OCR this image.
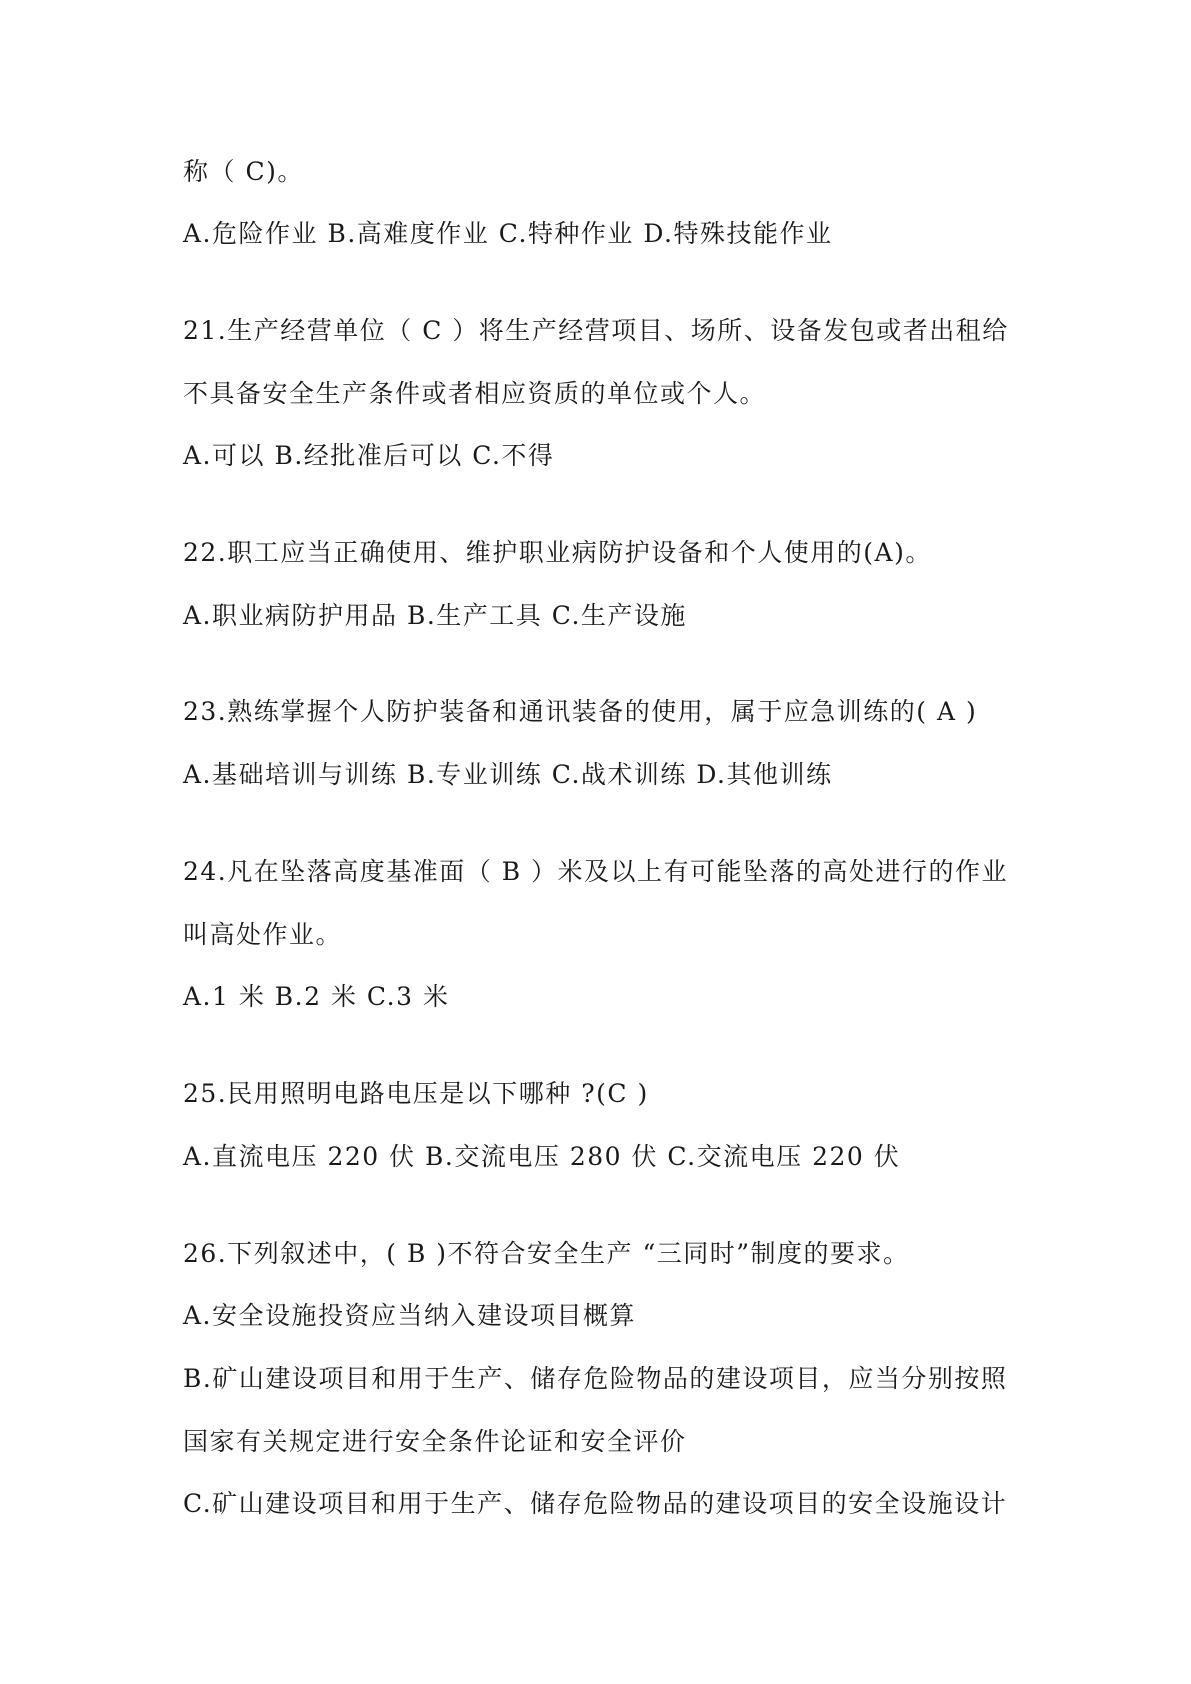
称（ C)。
A.危险作业 B.高难度作业 C.特种作业 D.特殊技能作业
21.生产经营单位（ C ）将生产经营项目、场所、设备发包或者出租给
不具备安全生产条件或者相应资质的单位或个人。
A.可以 B.经批准后可以 C.不得
22.职工应当正确使用、维护职业病防护设备和个人使用的(A)。
A.职业病防护用品 B.生产工具 C.生产设施
23.熟练掌握个人防护装备和通讯装备的使用，属于应急训练的( A )
A.基础培训与训练 B.专业训练 C.战术训练 D.其他训练
24.凡在坠落高度基准面（ B ）米及以上有可能坠落的高处进行的作业
叫高处作业。
A.1 米 B.2 米 C.3 米
25.民用照明电路电压是以下哪种 ?(C )
A.直流电压 220 伏 B.交流电压 280 伏 C.交流电压 220 伏
26.下列叙述中，( B )不符合安全生产 “三同时”制度的要求。
A.安全设施投资应当纳入建设项目概算
B.矿山建设项目和用于生产、储存危险物品的建设项目，应当分别按照
国家有关规定进行安全条件论证和安全评价
C.矿山建设项目和用于生产、储存危险物品的建设项目的安全设施设计
